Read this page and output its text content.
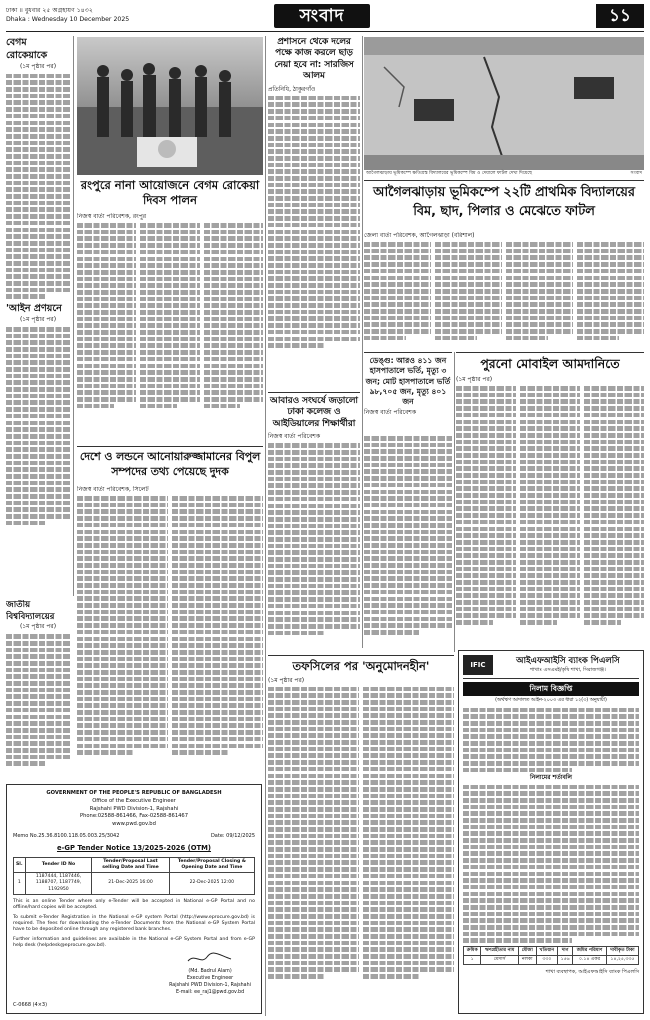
ঢাকা ॥ বুধবার ২৫ অগ্রহায়ণ ১৪৩২
Dhaka : Wednesday 10 December 2025	সংবাদ	১১
বেগম রোকেয়াকে
(১ম পৃষ্ঠার পর)
'আইন প্রণয়নে
(১ম পৃষ্ঠার পর)
রংপুরে নানা আয়োজনে বেগম রোকেয়া দিবস পালন
নিজস্ব বার্তা পরিবেশক, রংপুর
প্রশাসনে থেকে দলের পক্ষে কাজ করলে ছাড় নেয়া হবে না: সারজিস আলম
প্রতিনিধি, ঠাকুরগাঁও
আগৈলঝাড়ায় ভূমিকম্পে ক্ষতিগ্রস্ত বিদ্যালয়ের ভূমিকম্পে বিম ও দেয়ালে ফাটল দেখা দিয়েছে	সংবাদ
আগৈলঝাড়ায় ভূমিকম্পে ২২টি প্রাথমিক বিদ্যালয়ের বিম, ছাদ, পিলার ও মেঝেতে ফাটল
জেলা বার্তা পরিবেশক, আগৈলঝাড়া (বরিশাল)
ডেঙ্গু: আরও ৪১১ জন হাসপাতালে ভর্তি, মৃত্যু ৩ জন; মোট হাসপাতালে ভর্তি ৯৮,৭০৫ জন, মৃত্যু ৪০১ জন
নিজস্ব বার্তা পরিবেশক
পুরনো মোবাইল আমদানিতে
(১ম পৃষ্ঠার পর)
দেশে ও লন্ডনে আনোয়ারুজ্জামানের বিপুল সম্পদের তথ্য পেয়েছে দুদক
জাতীয় বিশ্ববিদ্যালয়ের
(১ম পৃষ্ঠার পর)
নিজস্ব বার্তা পরিবেশক, সিলেট
আবারও সংঘর্ষে জড়ালো ঢাকা কলেজ ও আইডিয়ালের শিক্ষার্থীরা
নিজস্ব বার্তা পরিবেশক
তফসিলের পর 'অনুমোদনহীন'
(১ম পৃষ্ঠার পর)
GOVERNMENT OF THE PEOPLE'S REPUBLIC OF BANGLADESH
Office of the Executive Engineer
Rajshahi PWD Division-1, Rajshahi
Phone:02588-861466, Fax-02588-861467
www.pwd.gov.bd
Memo No.25.36.8100.118.05.003.25/3042	Date: 09/12/2025
e-GP Tender Notice 13/2025-2026 (OTM)
Sl.	Tender ID No	Tender/Proposal Last selling Date and Time	Tender/Proposal Closing & Opening Date and Time
1	1187444, 1187446, 1188707, 1187749, 1192950	21-Dec-2025 16:00	22-Dec-2025 12:00

This is an online Tender where only e-Tender will be accepted in National e-GP Portal and no offline/hard copies will be accepted.

To submit e-Tender Registration in the National e-GP system Portal (http://www.eprocure.gov.bd) is required. The fees for downloading the e-Tender Documents from the National e-GP System Portal have to be deposited online through any registered bank branches.

Further information and guidelines are available in the National e-GP System Portal and from e-GP help desk (helpdesk@eprocure.gov.bd).

(Md. Badrul Alam)
Executive Engineer
Rajshahi PWD Division-1, Rajshahi
E-mail: ee_raj1@pwd.gov.bd
C-0668 (4×3)
IFIC	আইএফআইসি ব্যাংক পিএলসি
শাখাঃ এসএমই/কৃষি শাখা, সিরাজগঞ্জ।
নিলাম বিজ্ঞপ্তি
(অর্থঋণ আদালত আইন-২০০৩ এর ধারা ১২(৩) অনুযায়ী)
নিলামের শর্তাবলি
ক্রমিক	ঋণগ্রহীতার নাম	মৌজা	খতিয়ান	দাগ	জমির পরিমাণ	দাবীকৃত টাকা
১	মেসার্স	নলকা	৩৩০	১৫৬	০.১৪ একর	১৪,২৫,৩৩৫
শাখা ব্যবস্থাপক, আইএফআইসি ব্যাংক পিএলসি
